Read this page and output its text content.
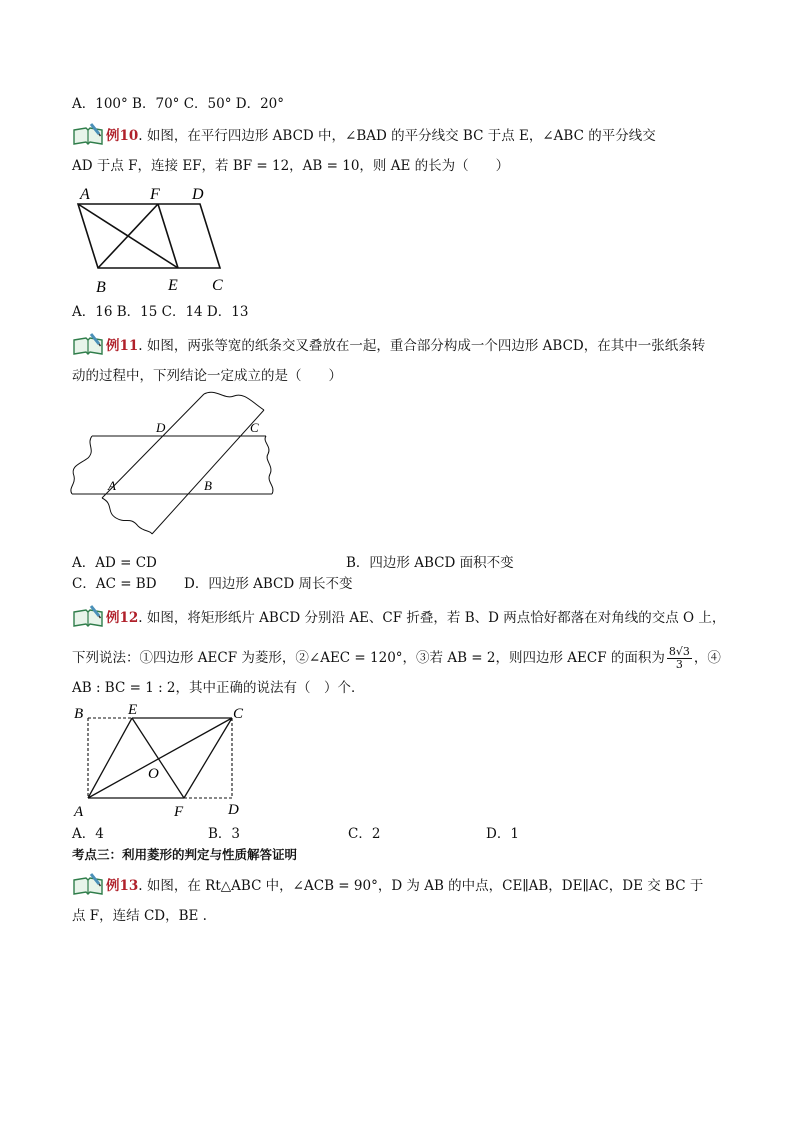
A．100° B．70° C．50° D．20°
例10. 如图，在平行四边形 ABCD 中，∠BAD 的平分线交 BC 于点 E，∠ABC 的平分线交
AD 于点 F，连接 EF，若 BF = 12，AB = 10，则 AE 的长为（　　）
A	F D
B	E C
A．16 B．15 C．14 D．13
例11. 如图，两张等宽的纸条交叉叠放在一起，重合部分构成一个四边形 ABCD，在其中一张纸条转
动的过程中，下列结论一定成立的是（　　）
D	C
A	B
A．AD = CD	B．四边形 ABCD 面积不变
C．AC = BD D．四边形 ABCD 周长不变
例12. 如图，将矩形纸片 ABCD 分别沿 AE、CF 折叠，若 B、D 两点恰好都落在对角线的交点 O 上，
下列说法：①四边形 AECF 为菱形，②∠AEC = 120°，③若 AB = 2，则四边形 AECF 的面积为 $\frac{8√3}{3}$ ，④
AB : BC = 1 : 2，其中正确的说法有（　）个．
B	E	C
O
A	F	D
A．4	B．3	C．2	D．1
考点三：利用菱形的判定与性质解答证明
例13. 如图，在 Rt△ABC 中，∠ACB = 90°，D 为 AB 的中点，CE∥AB，DE∥AC，DE 交 BC 于
点 F，连结 CD，BE .
